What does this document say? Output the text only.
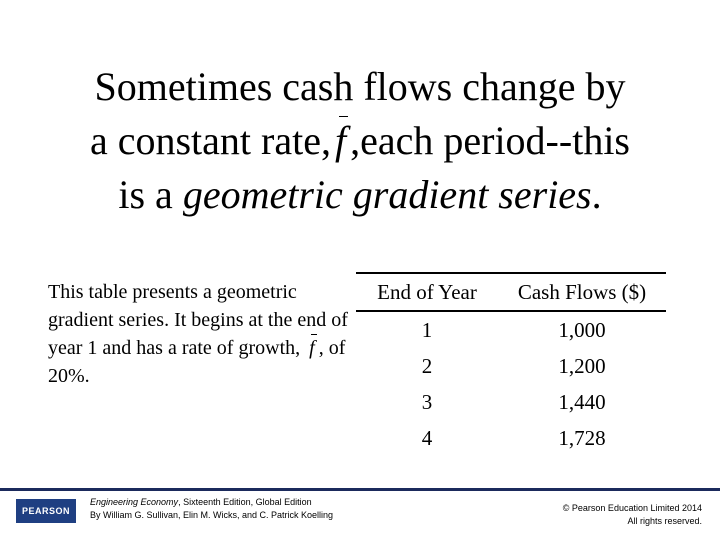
Sometimes cash flows change by
a constant rate, f ,each period--this
is a geometric gradient series.
This table presents a geometric gradient series. It begins at the end of year 1 and has a rate of growth, f , of 20%.
End of Year	Cash Flows ($)
1	1,000
2	1,200
3	1,440
4	1,728
PEARSON
Engineering Economy, Sixteenth Edition, Global Edition
By William G. Sullivan, Elin M. Wicks, and C. Patrick Koelling
© Pearson Education Limited 2014
All rights reserved.
